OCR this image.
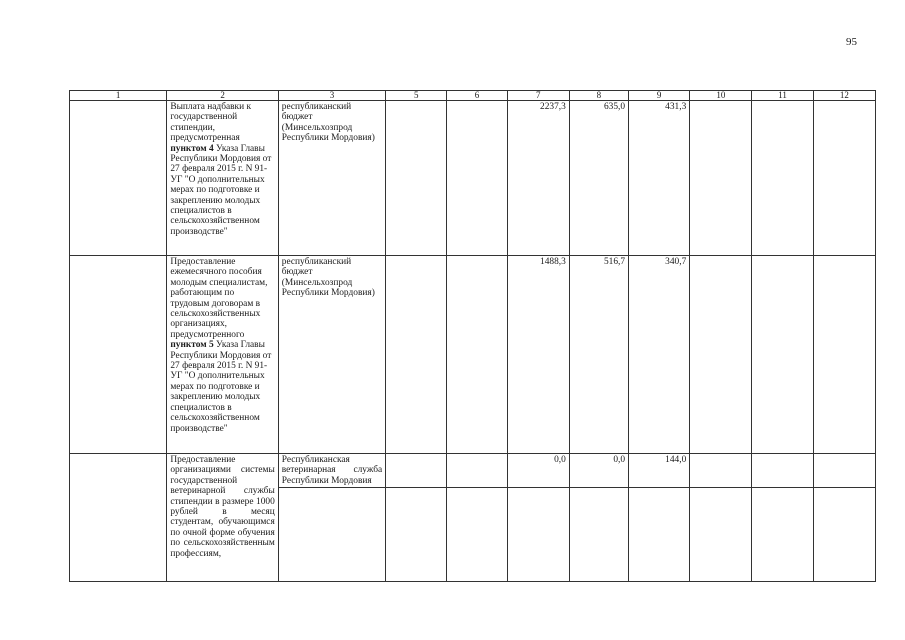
95
1	2	3	5	6	7	8	9	10	11	12
	Выплата надбавки к государственной стипендии, предусмотренная пунктом 4 Указа Главы Республики Мордовия от 27 февраля 2015 г. N 91-УГ "О дополнительных мерах по подготовке и закреплению молодых специалистов в сельскохозяйственном производстве"	республиканский бюджет (Минсельхозпрод Республики Мордовия)			2237,3	635,0	431,3			
	Предоставление ежемесячного пособия молодым специалистам, работающим по трудовым договорам в сельскохозяйственных организациях, предусмотренного пунктом 5 Указа Главы Республики Мордовия от 27 февраля 2015 г. N 91-УГ "О дополнительных мерах по подготовке и закреплению молодых специалистов в сельскохозяйственном производстве"	республиканский бюджет (Минсельхозпрод Республики Мордовия)			1488,3	516,7	340,7			
	Предоставление организациями системы государственной ветеринарной службы стипендии в размере 1000 рублей в месяц студентам, обучающимся по очной форме обучения по сельскохозяйственным профессиям,	Республиканская ветеринарная служба Республики Мордовия			0,0	0,0	144,0			
